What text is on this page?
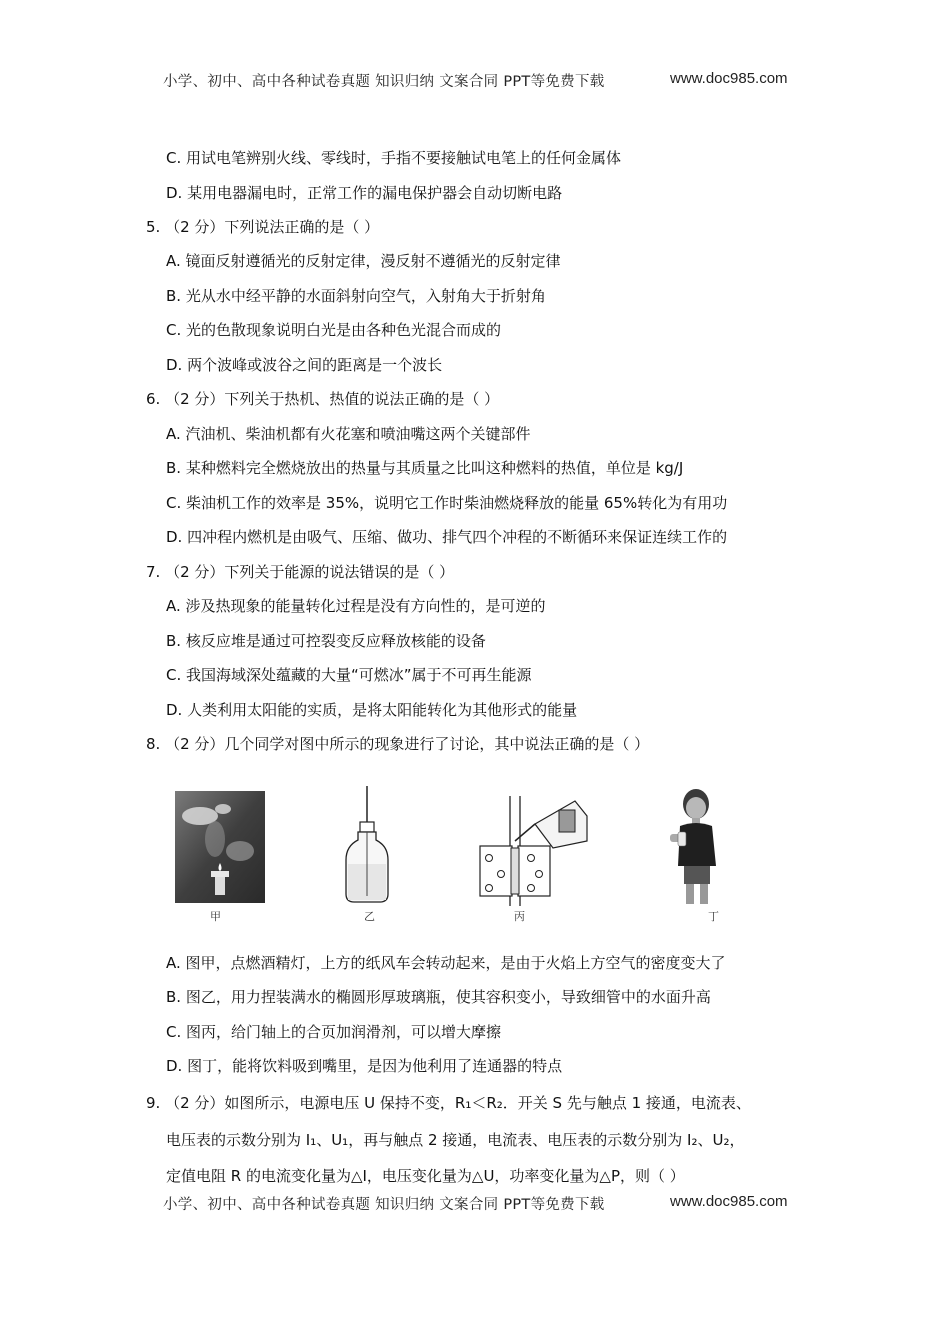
小学、初中、高中各种试卷真题 知识归纳 文案合同 PPT等免费下载	www.doc985.com
C. 用试电笔辨别火线、零线时，手指不要接触试电笔上的任何金属体
D. 某用电器漏电时，正常工作的漏电保护器会自动切断电路
5. （2 分）下列说法正确的是（ ）
A. 镜面反射遵循光的反射定律，漫反射不遵循光的反射定律
B. 光从水中经平静的水面斜射向空气，入射角大于折射角
C. 光的色散现象说明白光是由各种色光混合而成的
D. 两个波峰或波谷之间的距离是一个波长
6. （2 分）下列关于热机、热值的说法正确的是（ ）
A. 汽油机、柴油机都有火花塞和喷油嘴这两个关键部件
B. 某种燃料完全燃烧放出的热量与其质量之比叫这种燃料的热值，单位是 kg/J
C. 柴油机工作的效率是 35%，说明它工作时柴油燃烧释放的能量 65%转化为有用功
D. 四冲程内燃机是由吸气、压缩、做功、排气四个冲程的不断循环来保证连续工作的
7. （2 分）下列关于能源的说法错误的是（ ）
A. 涉及热现象的能量转化过程是没有方向性的，是可逆的
B. 核反应堆是通过可控裂变反应释放核能的设备
C. 我国海域深处蕴藏的大量“可燃冰”属于不可再生能源
D. 人类利用太阳能的实质，是将太阳能转化为其他形式的能量
8. （2 分）几个同学对图中所示的现象进行了讨论，其中说法正确的是（ ）
甲	乙	丙	丁
A. 图甲，点燃酒精灯，上方的纸风车会转动起来，是由于火焰上方空气的密度变大了
B. 图乙，用力捏装满水的椭圆形厚玻璃瓶，使其容积变小，导致细管中的水面升高
C. 图丙，给门轴上的合页加润滑剂，可以增大摩擦
D. 图丁，能将饮料吸到嘴里，是因为他利用了连通器的特点
9. （2 分）如图所示，电源电压 U 保持不变，R₁＜R₂．开关 S 先与触点 1 接通，电流表、
电压表的示数分别为 I₁、U₁，再与触点 2 接通，电流表、电压表的示数分别为 I₂、U₂，
定值电阻 R 的电流变化量为△I，电压变化量为△U，功率变化量为△P，则（ ）
小学、初中、高中各种试卷真题 知识归纳 文案合同 PPT等免费下载	www.doc985.com
